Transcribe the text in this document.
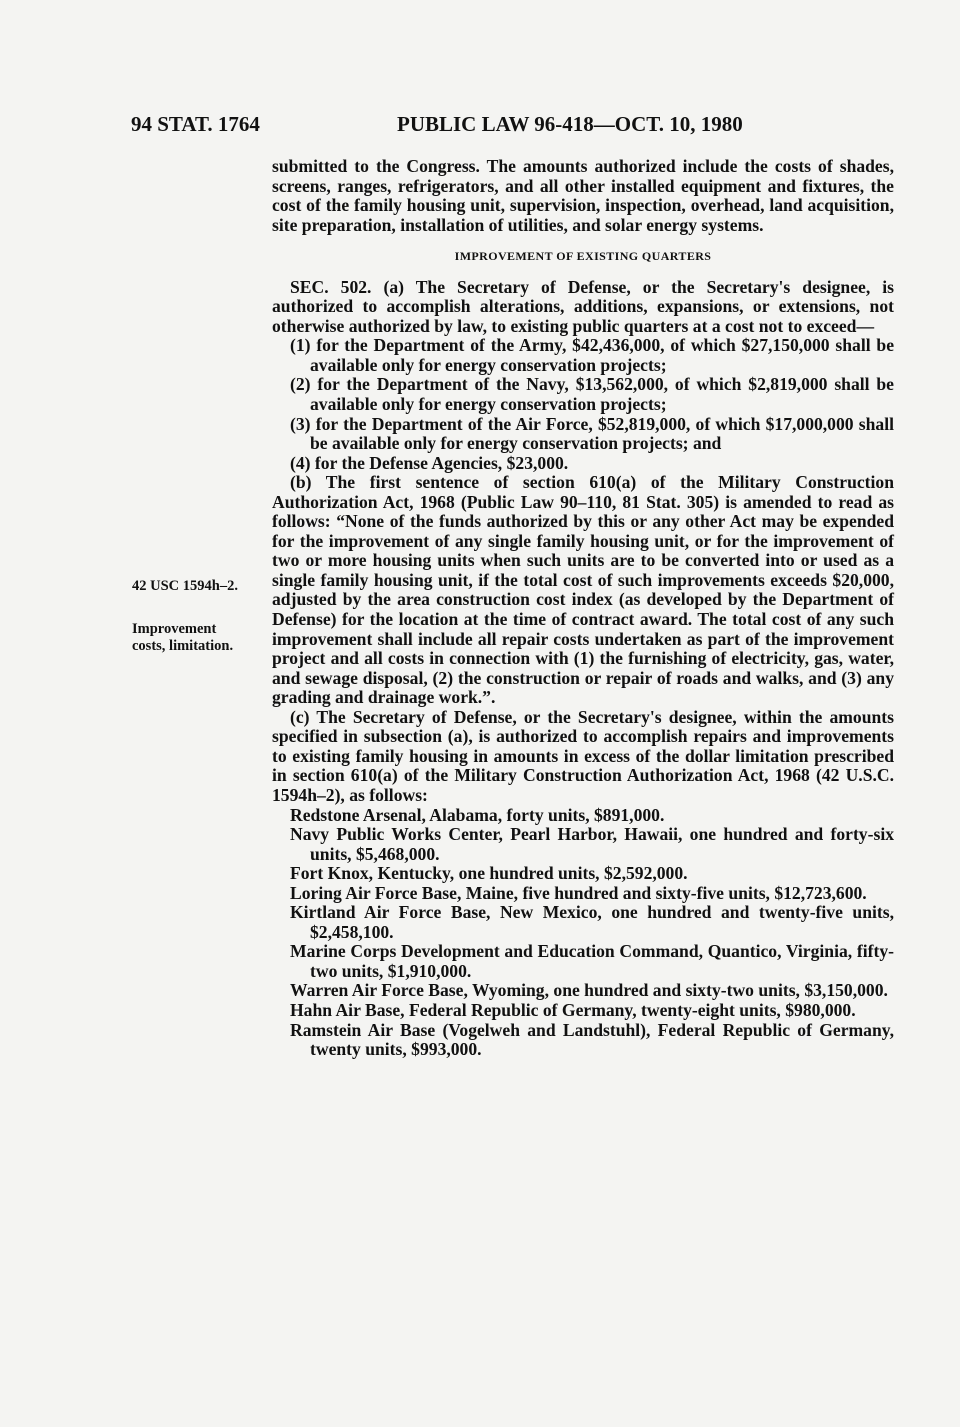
94 STAT. 1764	PUBLIC LAW 96-418—OCT. 10, 1980
42 USC 1594h–2.
Improvement
costs, limitation.

submitted to the Congress. The amounts authorized include the costs of shades, screens, ranges, refrigerators, and all other installed equipment and fixtures, the cost of the family housing unit, supervision, inspection, overhead, land acquisition, site preparation, installation of utilities, and solar energy systems.

IMPROVEMENT OF EXISTING QUARTERS

SEC. 502. (a) The Secretary of Defense, or the Secretary's designee, is authorized to accomplish alterations, additions, expansions, or extensions, not otherwise authorized by law, to existing public quarters at a cost not to exceed—

(1) for the Department of the Army, $42,436,000, of which $27,150,000 shall be available only for energy conservation projects;

(2) for the Department of the Navy, $13,562,000, of which $2,819,000 shall be available only for energy conservation projects;

(3) for the Department of the Air Force, $52,819,000, of which $17,000,000 shall be available only for energy conservation projects; and

(4) for the Defense Agencies, $23,000.

(b) The first sentence of section 610(a) of the Military Construction Authorization Act, 1968 (Public Law 90–110, 81 Stat. 305) is amended to read as follows: “None of the funds authorized by this or any other Act may be expended for the improvement of any single family housing unit, or for the improvement of two or more housing units when such units are to be converted into or used as a single family housing unit, if the total cost of such improvements exceeds $20,000, adjusted by the area construction cost index (as developed by the Department of Defense) for the location at the time of contract award. The total cost of any such improvement shall include all repair costs undertaken as part of the improvement project and all costs in connection with (1) the furnishing of electricity, gas, water, and sewage disposal, (2) the construction or repair of roads and walks, and (3) any grading and drainage work.”.

(c) The Secretary of Defense, or the Secretary's designee, within the amounts specified in subsection (a), is authorized to accomplish repairs and improvements to existing family housing in amounts in excess of the dollar limitation prescribed in section 610(a) of the Military Construction Authorization Act, 1968 (42 U.S.C. 1594h–2), as follows:

Redstone Arsenal, Alabama, forty units, $891,000.

Navy Public Works Center, Pearl Harbor, Hawaii, one hundred and forty-six units, $5,468,000.

Fort Knox, Kentucky, one hundred units, $2,592,000.

Loring Air Force Base, Maine, five hundred and sixty-five units, $12,723,600.

Kirtland Air Force Base, New Mexico, one hundred and twenty-five units, $2,458,100.

Marine Corps Development and Education Command, Quantico, Virginia, fifty-two units, $1,910,000.

Warren Air Force Base, Wyoming, one hundred and sixty-two units, $3,150,000.

Hahn Air Base, Federal Republic of Germany, twenty-eight units, $980,000.

Ramstein Air Base (Vogelweh and Landstuhl), Federal Republic of Germany, twenty units, $993,000.
